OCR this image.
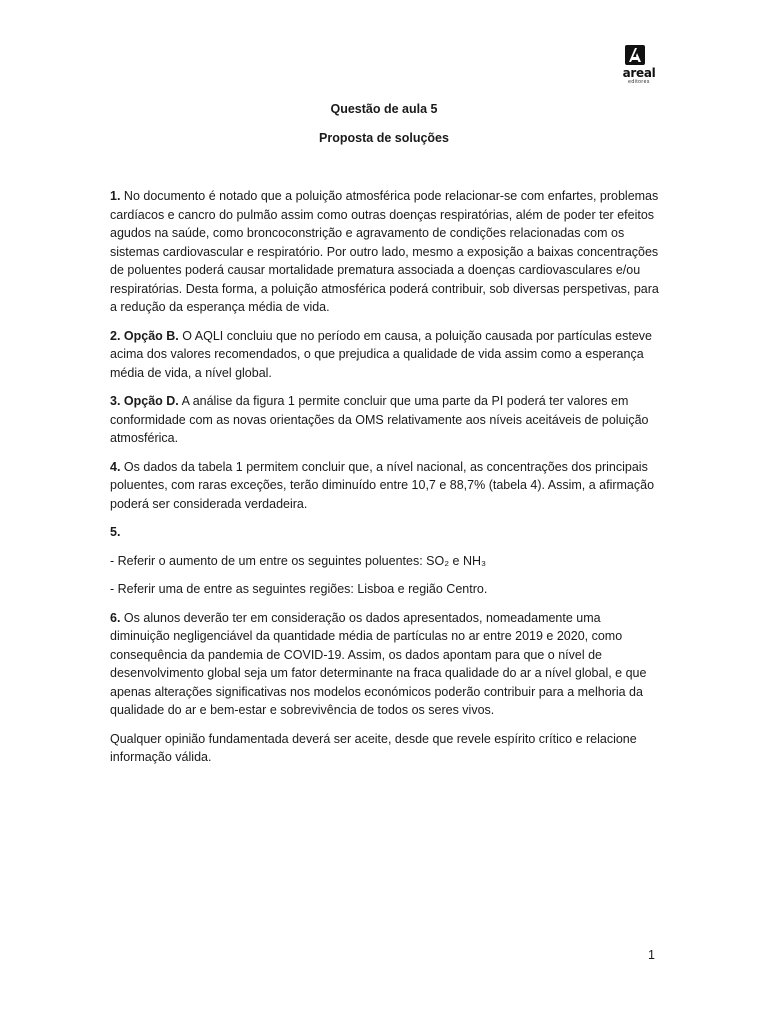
areal
editores
Questão de aula 5
Proposta de soluções

1. No documento é notado que a poluição atmosférica pode relacionar-se com enfartes, problemas cardíacos e cancro do pulmão assim como outras doenças respiratórias, além de poder ter efeitos agudos na saúde, como broncoconstrição e agravamento de condições relacionadas com os sistemas cardiovascular e respiratório. Por outro lado, mesmo a exposição a baixas concentrações de poluentes poderá causar mortalidade prematura associada a doenças cardiovasculares e/ou respiratórias. Desta forma, a poluição atmosférica poderá contribuir, sob diversas perspetivas, para a redução da esperança média de vida.

2. Opção B. O AQLI concluiu que no período em causa, a poluição causada por partículas esteve acima dos valores recomendados, o que prejudica a qualidade de vida assim como a esperança média de vida, a nível global.

3. Opção D. A análise da figura 1 permite concluir que uma parte da PI poderá ter valores em conformidade com as novas orientações da OMS relativamente aos níveis aceitáveis de poluição atmosférica.

4. Os dados da tabela 1 permitem concluir que, a nível nacional, as concentrações dos principais poluentes, com raras exceções, terão diminuído entre 10,7 e 88,7% (tabela 4). Assim, a afirmação poderá ser considerada verdadeira.

5.

- Referir o aumento de um entre os seguintes poluentes: SO₂ e NH₃

- Referir uma de entre as seguintes regiões: Lisboa e região Centro.

6. Os alunos deverão ter em consideração os dados apresentados, nomeadamente uma diminuição negligenciável da quantidade média de partículas no ar entre 2019 e 2020, como consequência da pandemia de COVID-19. Assim, os dados apontam para que o nível de desenvolvimento global seja um fator determinante na fraca qualidade do ar a nível global, e que apenas alterações significativas nos modelos económicos poderão contribuir para a melhoria da qualidade do ar e bem-estar e sobrevivência de todos os seres vivos.

Qualquer opinião fundamentada deverá ser aceite, desde que revele espírito crítico e relacione informação válida.

1
